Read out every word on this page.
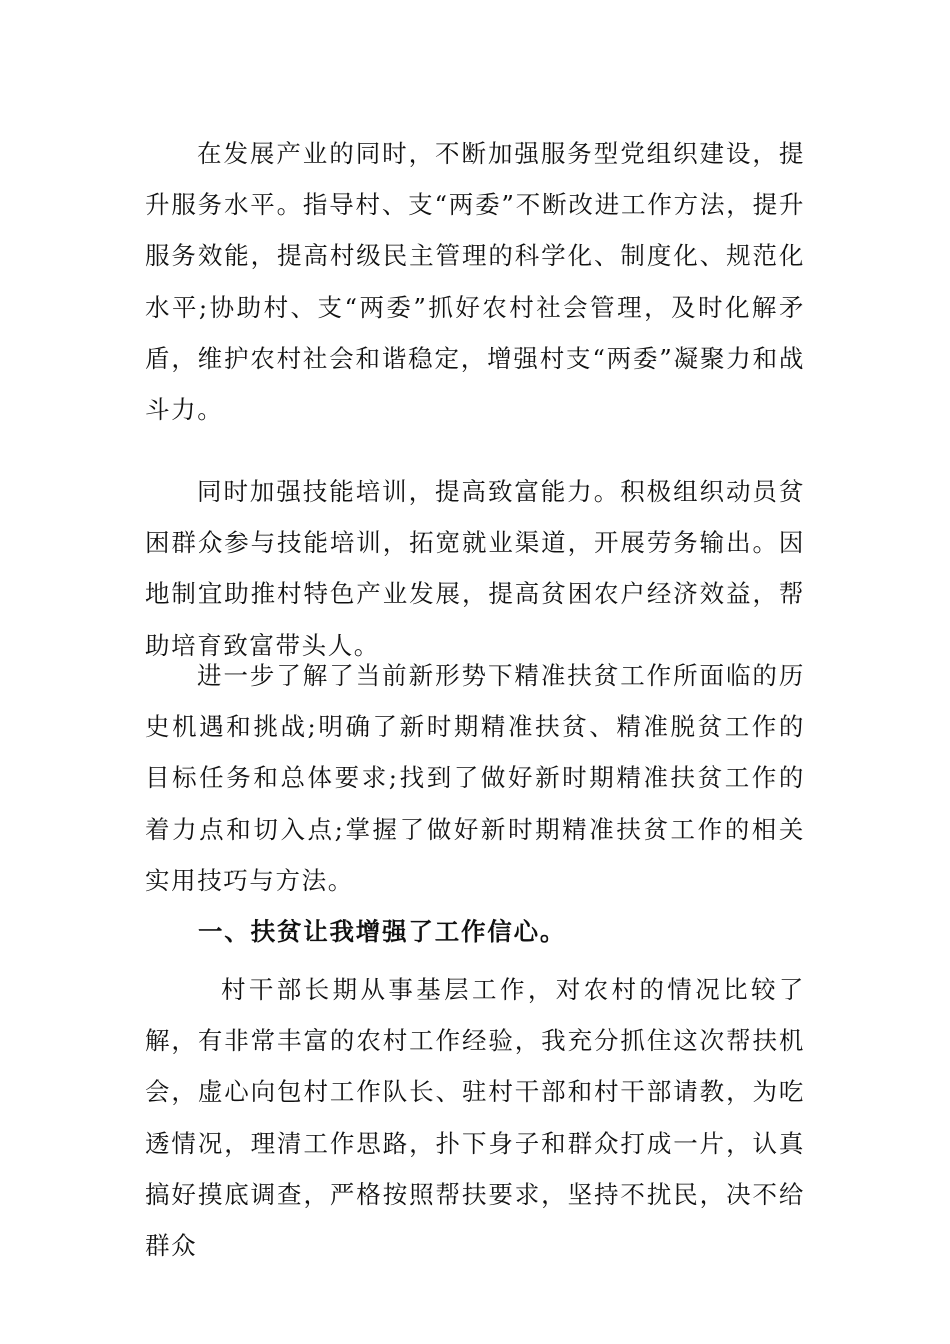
在发展产业的同时，不断加强服务型党组织建设，提升服务水平。指导村、支“两委”不断改进工作方法，提升服务效能，提高村级民主管理的科学化、制度化、规范化水平;协助村、支“两委”抓好农村社会管理，及时化解矛盾，维护农村社会和谐稳定，增强村支“两委”凝聚力和战斗力。

同时加强技能培训，提高致富能力。积极组织动员贫困群众参与技能培训，拓宽就业渠道，开展劳务输出。因地制宜助推村特色产业发展，提高贫困农户经济效益，帮助培育致富带头人。

进一步了解了当前新形势下精准扶贫工作所面临的历史机遇和挑战;明确了新时期精准扶贫、精准脱贫工作的目标任务和总体要求;找到了做好新时期精准扶贫工作的着力点和切入点;掌握了做好新时期精准扶贫工作的相关实用技巧与方法。

一、扶贫让我增强了工作信心。

村干部长期从事基层工作，对农村的情况比较了解，有非常丰富的农村工作经验，我充分抓住这次帮扶机会，虚心向包村工作队长、驻村干部和村干部请教，为吃透情况，理清工作思路，扑下身子和群众打成一片，认真搞好摸底调查，严格按照帮扶要求，坚持不扰民，决不给群众
